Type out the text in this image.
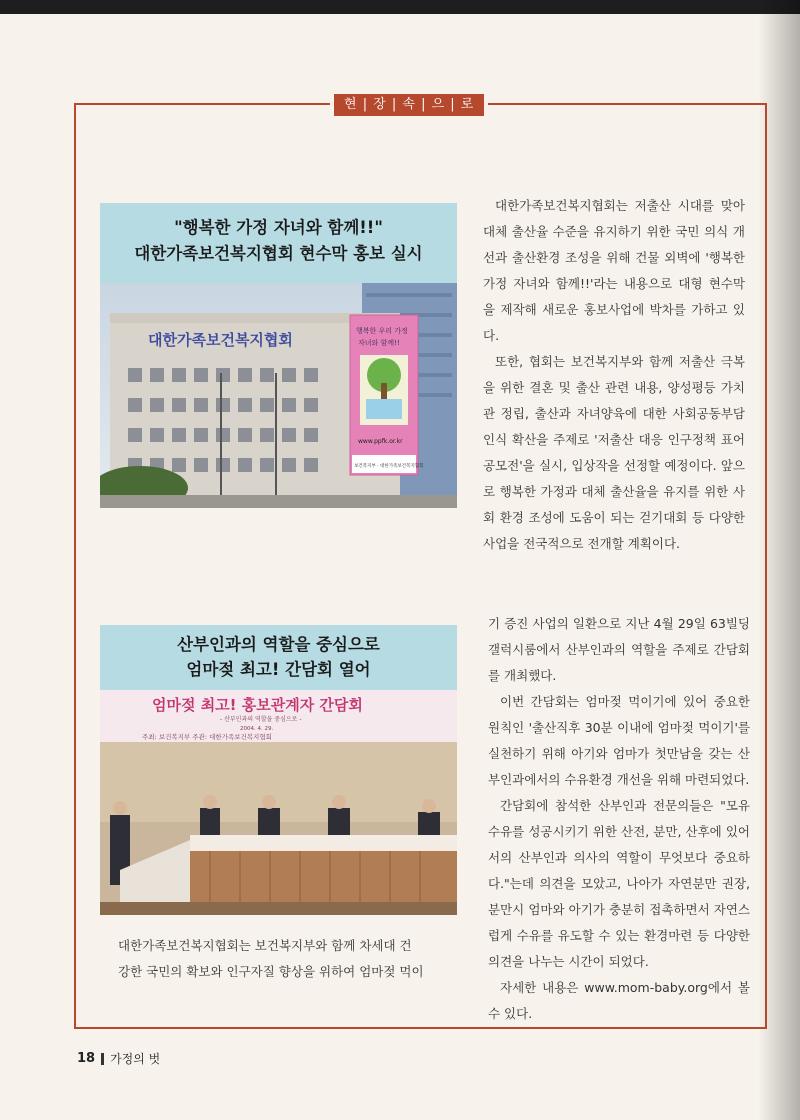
현 | 장 | 속 | 으 | 로
"행복한 가정 자녀와 함께!!"
대한가족보건복지협회 현수막 홍보 실시
대한가족보건복지협회	행복한 우리 가정
자녀와 함께!!
www.ppfk.or.kr
보건복지부 · 대한가족보건복지협회

대한가족보건복지협회는 저출산 시대를 맞아 대체 출산율 수준을 유지하기 위한 국민 의식 개선과 출산환경 조성을 위해 건물 외벽에 '행복한 가정 자녀와 함께!!'라는 내용으로 대형 현수막을 제작해 새로운 홍보사업에 박차를 가하고 있다.

또한, 협회는 보건복지부와 함께 저출산 극복을 위한 결혼 및 출산 관련 내용, 양성평등 가치관 정립, 출산과 자녀양육에 대한 사회공동부담 인식 확산을 주제로 '저출산 대응 인구정책 표어 공모전'을 실시, 입상작을 선정할 예정이다. 앞으로 행복한 가정과 대체 출산율을 유지를 위한 사회 환경 조성에 도움이 되는 걷기대회 등 다양한 사업을 전국적으로 전개할 계획이다.

산부인과의 역할을 중심으로
엄마젖 최고! 간담회 열어
엄마젖 최고! 홍보관계자 간담회
- 산부인과의 역할을 중심으로 -
2004. 4. 29.
주최: 보건복지부 주관: 대한가족보건복지협회
대한가족보건복지협회는 보건복지부와 함께 차세대 건
강한 국민의 확보와 인구자질 향상을 위하여 엄마젖 먹이

기 증진 사업의 일환으로 지난 4월 29일 63빌딩 갤럭시룸에서 산부인과의 역할을 주제로 간담회를 개최했다.

이번 간담회는 엄마젖 먹이기에 있어 중요한 원칙인 '출산직후 30분 이내에 엄마젖 먹이기'를 실천하기 위해 아기와 엄마가 첫만남을 갖는 산부인과에서의 수유환경 개선을 위해 마련되었다.

간담회에 참석한 산부인과 전문의들은 "모유수유를 성공시키기 위한 산전, 분만, 산후에 있어서의 산부인과 의사의 역할이 무엇보다 중요하다."는데 의견을 모았고, 나아가 자연분만 권장, 분만시 엄마와 아기가 충분히 접촉하면서 자연스럽게 수유를 유도할 수 있는 환경마련 등 다양한 의견을 나누는 시간이 되었다.

자세한 내용은 www.mom-baby.org에서 볼 수 있다.

18 가정의 벗
